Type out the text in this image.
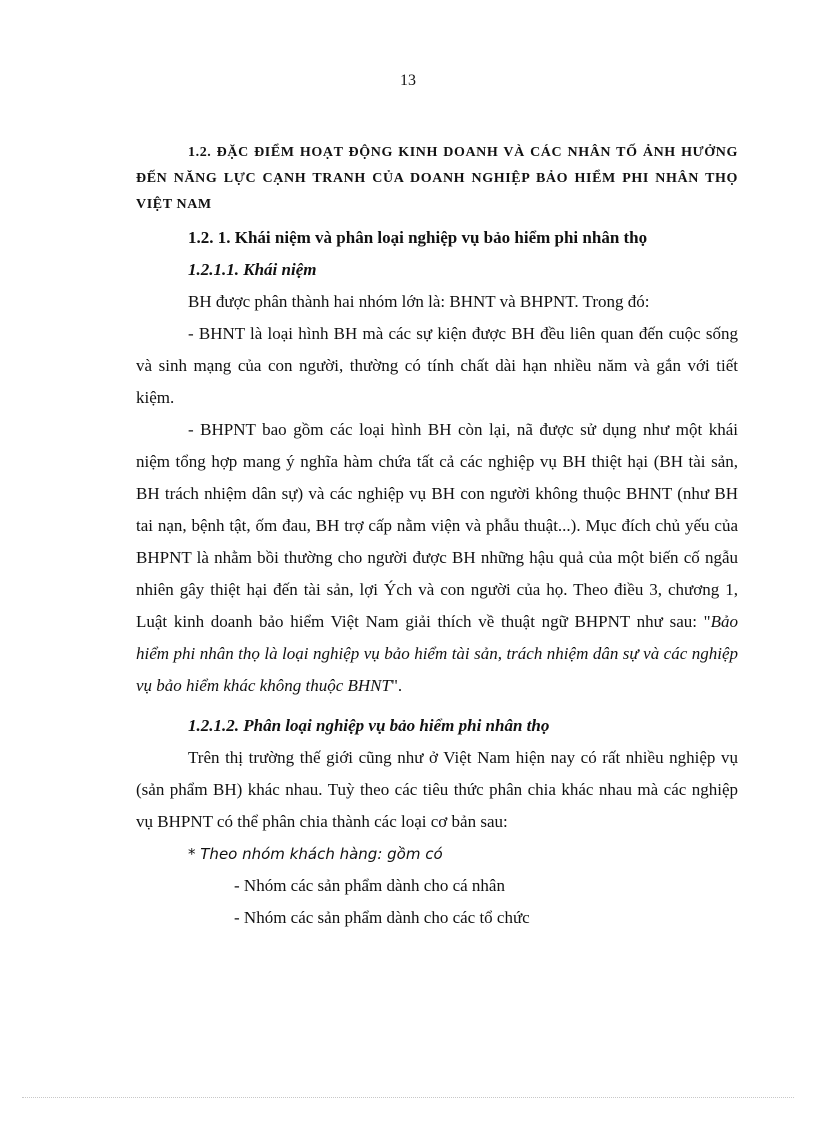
13
1.2. ĐẶC ĐIỂM HOẠT ĐỘNG KINH DOANH VÀ CÁC NHÂN TỐ ẢNH HƯỞNG ĐẾN NĂNG LỰC CẠNH TRANH CỦA DOANH NGHIỆP BẢO HIỂM PHI NHÂN THỌ VIỆT NAM

1.2. 1. Khái niệm và phân loại nghiệp vụ bảo hiểm phi nhân thọ

1.2.1.1. Khái niệm

BH được phân thành hai nhóm lớn là: BHNT và BHPNT. Trong đó:

- BHNT là loại hình BH mà các sự kiện được BH đều liên quan đến cuộc sống và sinh mạng của con người, thường có tính chất dài hạn nhiều năm và gắn với tiết kiệm.

- BHPNT bao gồm các loại hình BH còn lại, nã được sử dụng như một khái niệm tổng hợp mang ý nghĩa hàm chứa tất cả các nghiệp vụ BH thiệt hại (BH tài sản, BH trách nhiệm dân sự) và các nghiệp vụ BH con người không thuộc BHNT (như BH tai nạn, bệnh tật, ốm đau, BH trợ cấp nằm viện và phẫu thuật...). Mục đích chủ yếu của BHPNT là nhằm bồi thường cho người được BH những hậu quả của một biến cố ngẫu nhiên gây thiệt hại đến tài sản, lợi Ých và con người của họ. Theo điều 3, chương 1, Luật kinh doanh bảo hiểm Việt Nam giải thích về thuật ngữ BHPNT như sau: "Bảo hiểm phi nhân thọ là loại nghiệp vụ bảo hiểm tài sản, trách nhiệm dân sự và các nghiệp vụ bảo hiểm khác không thuộc BHNT".

1.2.1.2. Phân loại nghiệp vụ bảo hiểm phi nhân thọ

Trên thị trường thế giới cũng như ở Việt Nam hiện nay có rất nhiều nghiệp vụ (sản phẩm BH) khác nhau. Tuỳ theo các tiêu thức phân chia khác nhau mà các nghiệp vụ BHPNT có thể phân chia thành các loại cơ bản sau:

* Theo nhóm khách hàng: gồm có

- Nhóm các sản phẩm dành cho cá nhân

- Nhóm các sản phẩm dành cho các tổ chức
